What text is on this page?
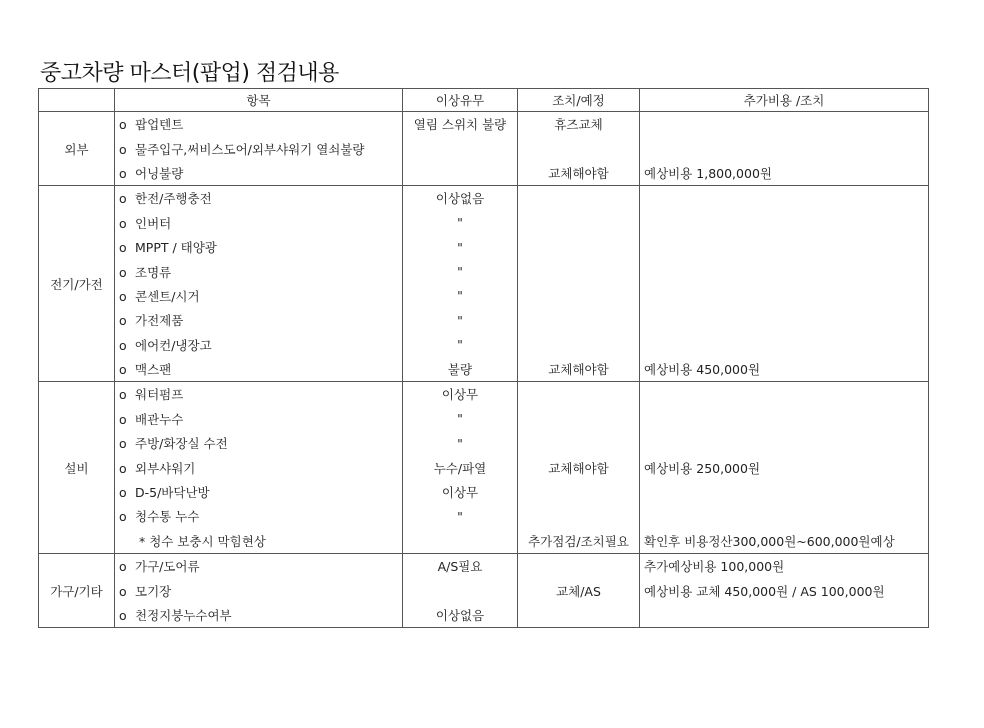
중고차량 마스터(팝업) 점검내용
	항목	이상유무	조치/예정	추가비용 /조치
외부	o 팝업텐트	열림 스위치 불량	휴즈교체	
	o 물주입구,써비스도어/외부샤워기 열쇠불량			
	o 어닝불량		교체해야함	예상비용 1,800,000원
전기/가전	o 한전/주행충전	이상없음		
	o 인버터	"		
	o MPPT / 태양광	"		
	o 조명류	"		
	o 콘센트/시거	"		
	o 가전제품	"		
	o 에어컨/냉장고	"		
	o 맥스팬	불량	교체해야함	예상비용 450,000원
설비	o 워터펌프	이상무		
	o 배관누수	"		
	o 주방/화장실 수전	"		
	o 외부샤워기	누수/파열	교체해야함	예상비용 250,000원
	o D-5/바닥난방	이상무		
	o 청수통 누수	"		
	* 청수 보충시 막힘현상		추가점검/조치필요	확인후 비용정산300,000원~600,000원예상
가구/기타	o 가구/도어류	A/S필요		추가예상비용 100,000원
	o 모기장		교체/AS	예상비용 교체 450,000원 / AS 100,000원
	o 천정지붕누수여부	이상없음		
